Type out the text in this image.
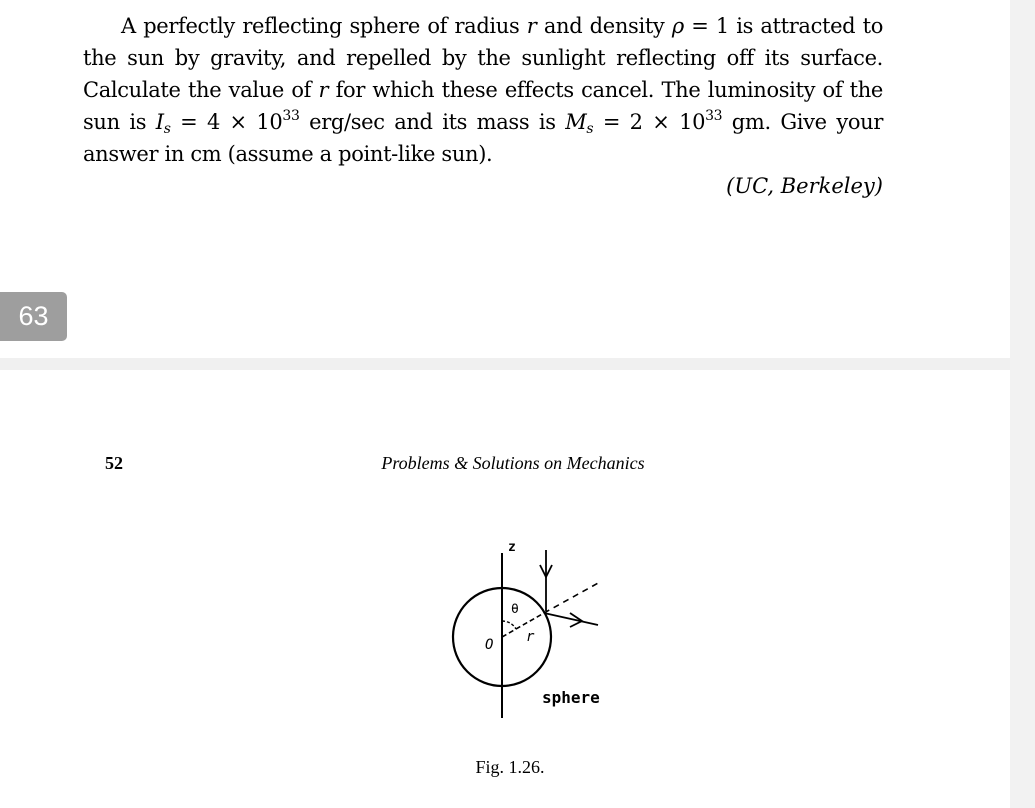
A perfectly reflecting sphere of radius r and density ρ = 1 is attracted to the sun by gravity, and repelled by the sunlight reflecting off its surface. Calculate the value of r for which these effects cancel. The luminosity of the sun is $I_s = 4 \times 10^{33}$ erg/sec and its mass is $M_s = 2 \times 10^{33}$ gm. Give your answer in cm (assume a point-like sun).

(UC, Berkeley)
63
52	Problems & Solutions on Mechanics
z
θ
O r
sphere
Fig. 1.26.
